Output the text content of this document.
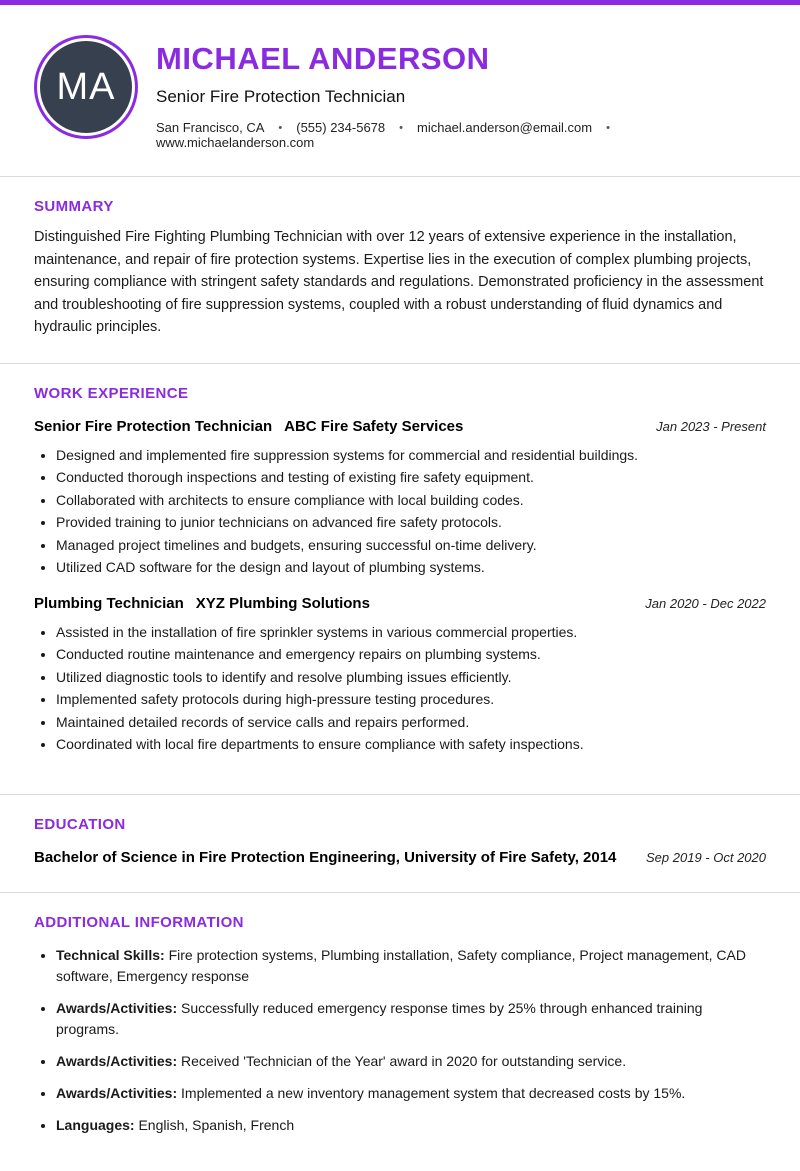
MA
MICHAEL ANDERSON
Senior Fire Protection Technician
San Francisco, CA • (555) 234-5678 • michael.anderson@email.com •
www.michaelanderson.com
SUMMARY
Distinguished Fire Fighting Plumbing Technician with over 12 years of extensive experience in the installation, maintenance, and repair of fire protection systems. Expertise lies in the execution of complex plumbing projects, ensuring compliance with stringent safety standards and regulations. Demonstrated proficiency in the assessment and troubleshooting of fire suppression systems, coupled with a robust understanding of fluid dynamics and hydraulic principles.
WORK EXPERIENCE
Senior Fire Protection Technician ABC Fire Safety Services	Jan 2023 - Present
• Designed and implemented fire suppression systems for commercial and residential buildings.
• Conducted thorough inspections and testing of existing fire safety equipment.
• Collaborated with architects to ensure compliance with local building codes.
• Provided training to junior technicians on advanced fire safety protocols.
• Managed project timelines and budgets, ensuring successful on-time delivery.
• Utilized CAD software for the design and layout of plumbing systems.
Plumbing Technician XYZ Plumbing Solutions	Jan 2020 - Dec 2022
• Assisted in the installation of fire sprinkler systems in various commercial properties.
• Conducted routine maintenance and emergency repairs on plumbing systems.
• Utilized diagnostic tools to identify and resolve plumbing issues efficiently.
• Implemented safety protocols during high-pressure testing procedures.
• Maintained detailed records of service calls and repairs performed.
• Coordinated with local fire departments to ensure compliance with safety inspections.
EDUCATION
Bachelor of Science in Fire Protection Engineering, University of Fire Safety, 2014	Sep 2019 - Oct 2020
ADDITIONAL INFORMATION
• Technical Skills: Fire protection systems, Plumbing installation, Safety compliance, Project management, CAD software, Emergency response
• Awards/Activities: Successfully reduced emergency response times by 25% through enhanced training programs.
• Awards/Activities: Received 'Technician of the Year' award in 2020 for outstanding service.
• Awards/Activities: Implemented a new inventory management system that decreased costs by 15%.
• Languages: English, Spanish, French
